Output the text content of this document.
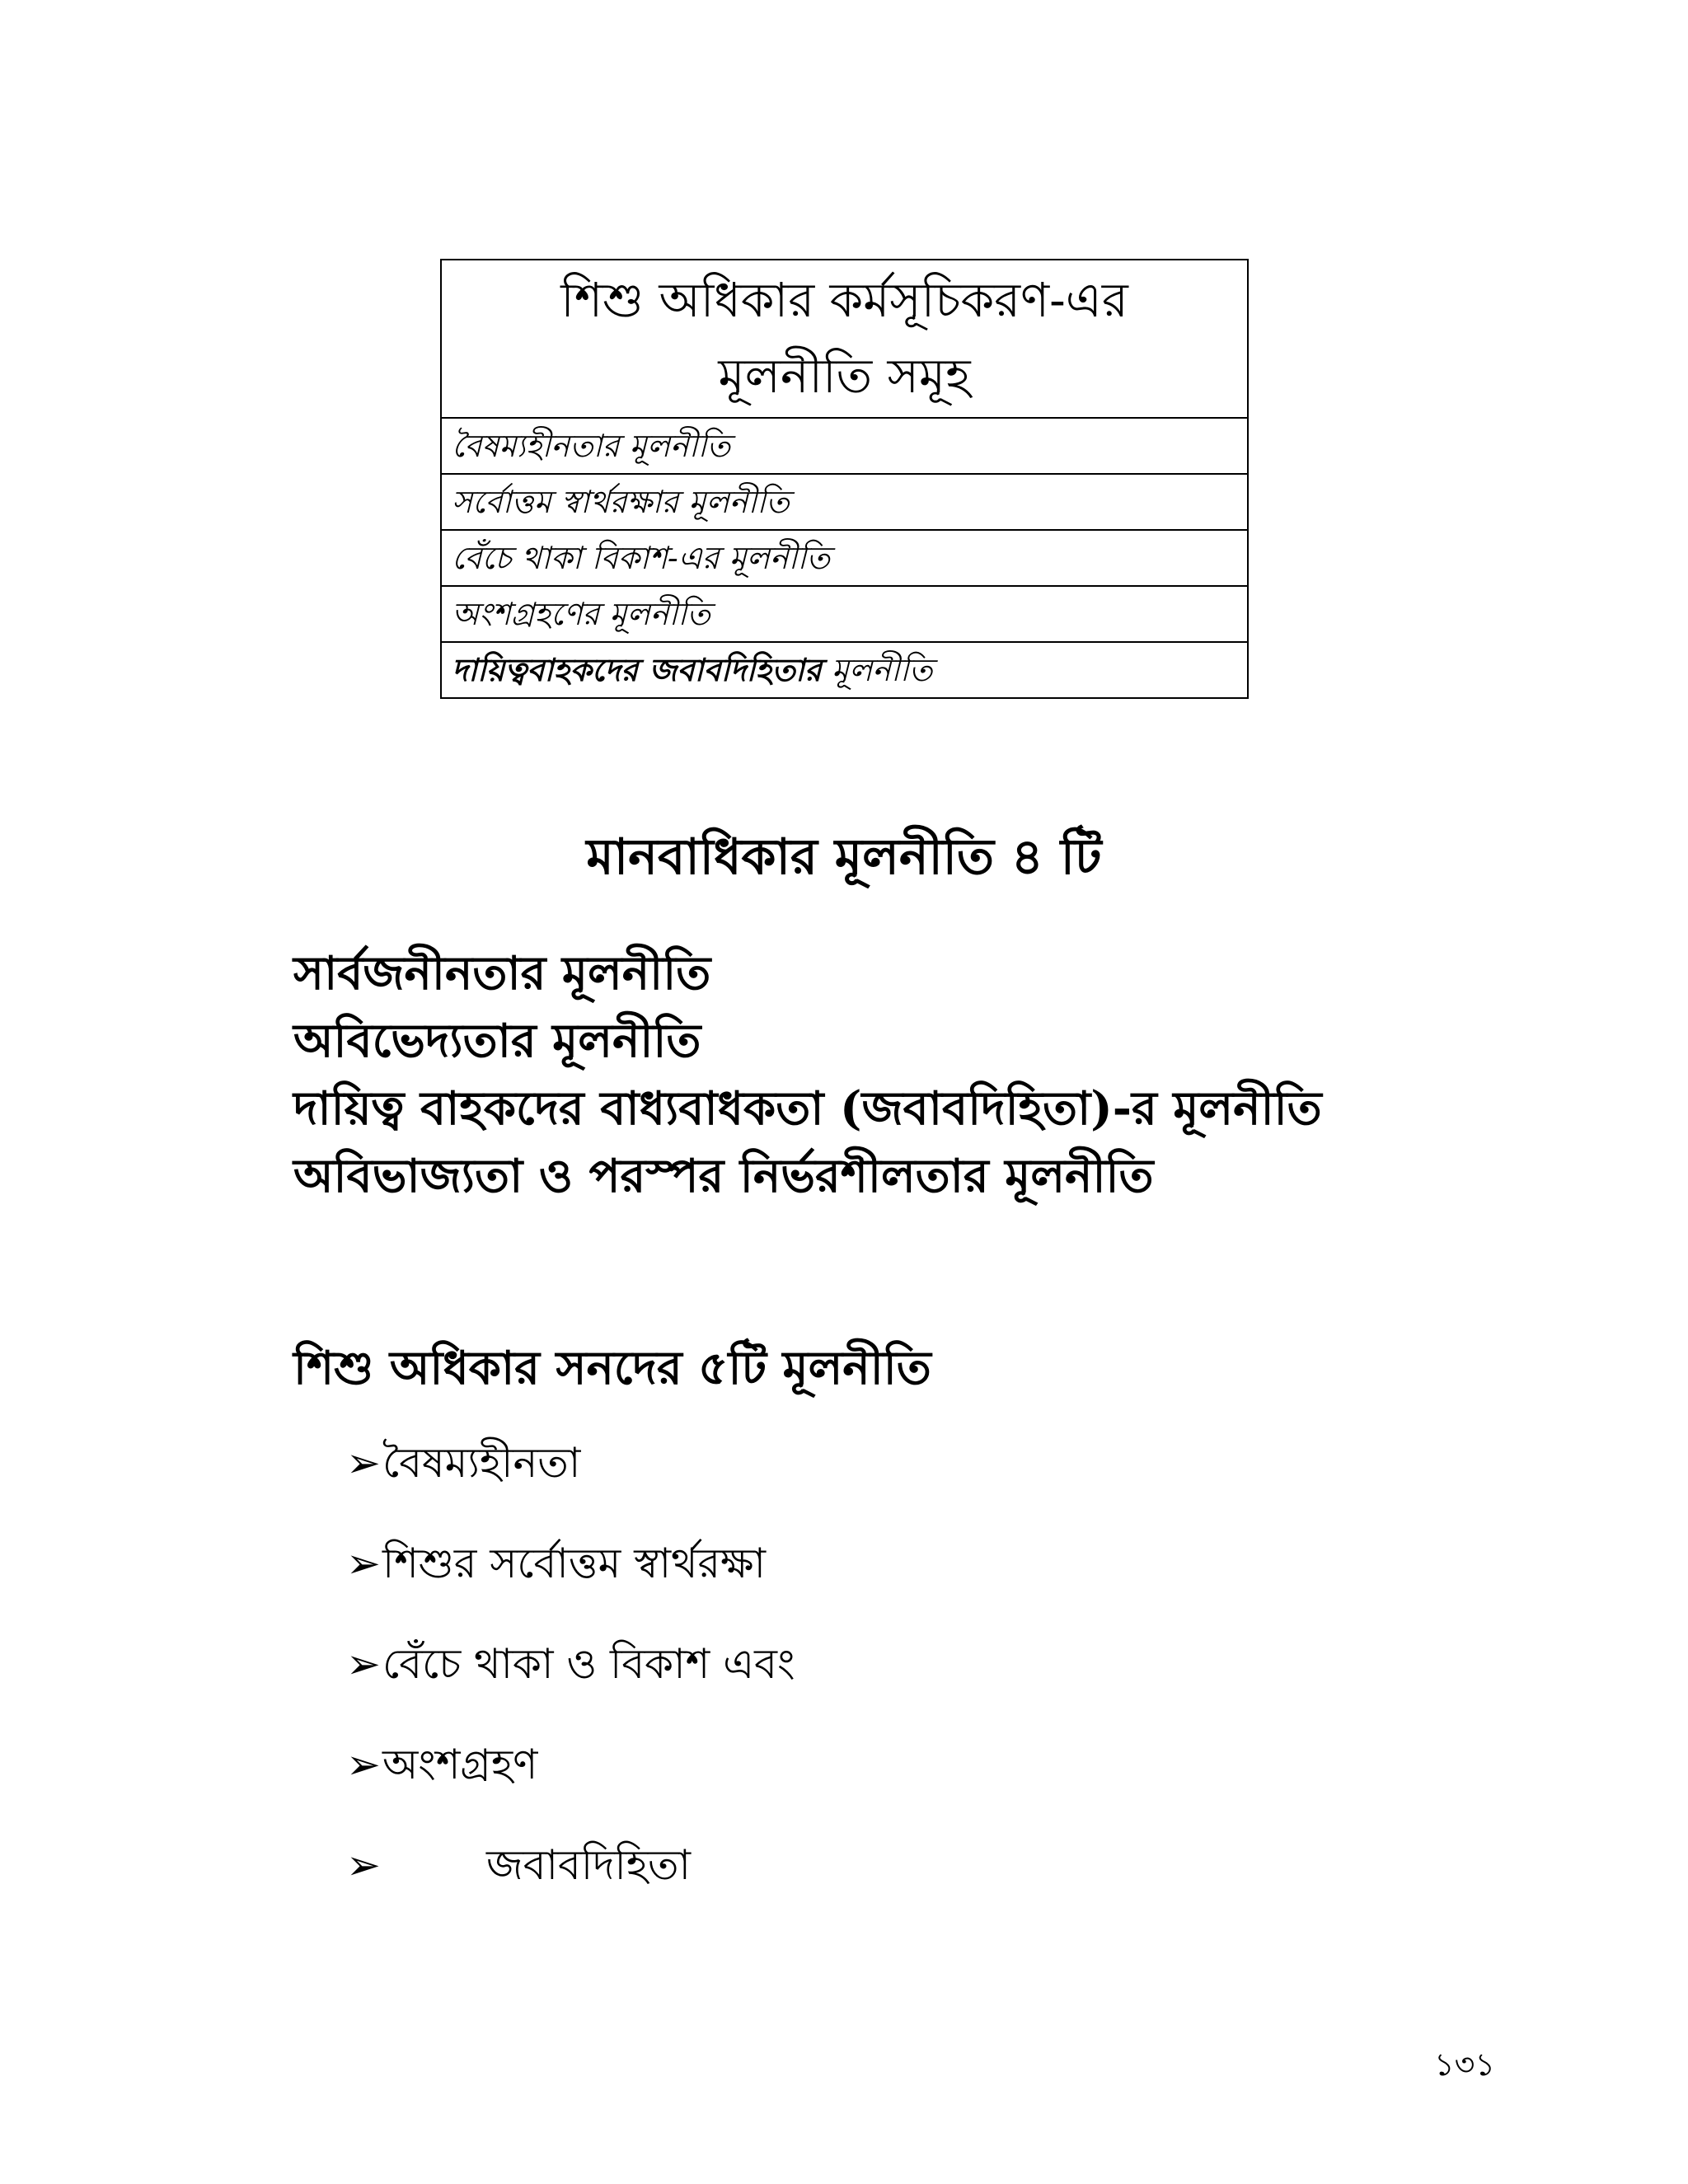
শিশু অধিকার কর্মসূচিকরণ-এর
মূলনীতি সমূহ
বৈষম্যহীনতার মূলনীতি
সর্বোত্তম স্বার্থরক্ষার মূলনীতি
বেঁচে থাকা বিকাশ-এর মূলনীতি
অংশগ্রহণের মূলনীতি
দায়িত্ববাহকদের জবাবদিহিতার মূলনীতি
মানবাধিকার মূলনীতি ৪ টি
সার্বজনীনতার মূলনীতি
অবিভেদ্যতার মূলনীতি
দায়িত্ব বাহকদের বাধ্যবাধকতা (জবাবদিহিতা)-র মূলনীতি
অবিভাজ্যতা ও পরস্পর নির্ভরশীলতার মূলনীতি
শিশু অধিকার সনদের ৫টি মূলনীতি
➢ বৈষম্যহীনতা
➢ শিশুর সর্বোত্তম স্বার্থরক্ষা
➢ বেঁচে থাকা ও বিকাশ এবং
➢ অংশগ্রহণ
➢	জবাবদিহিতা
১৩১
